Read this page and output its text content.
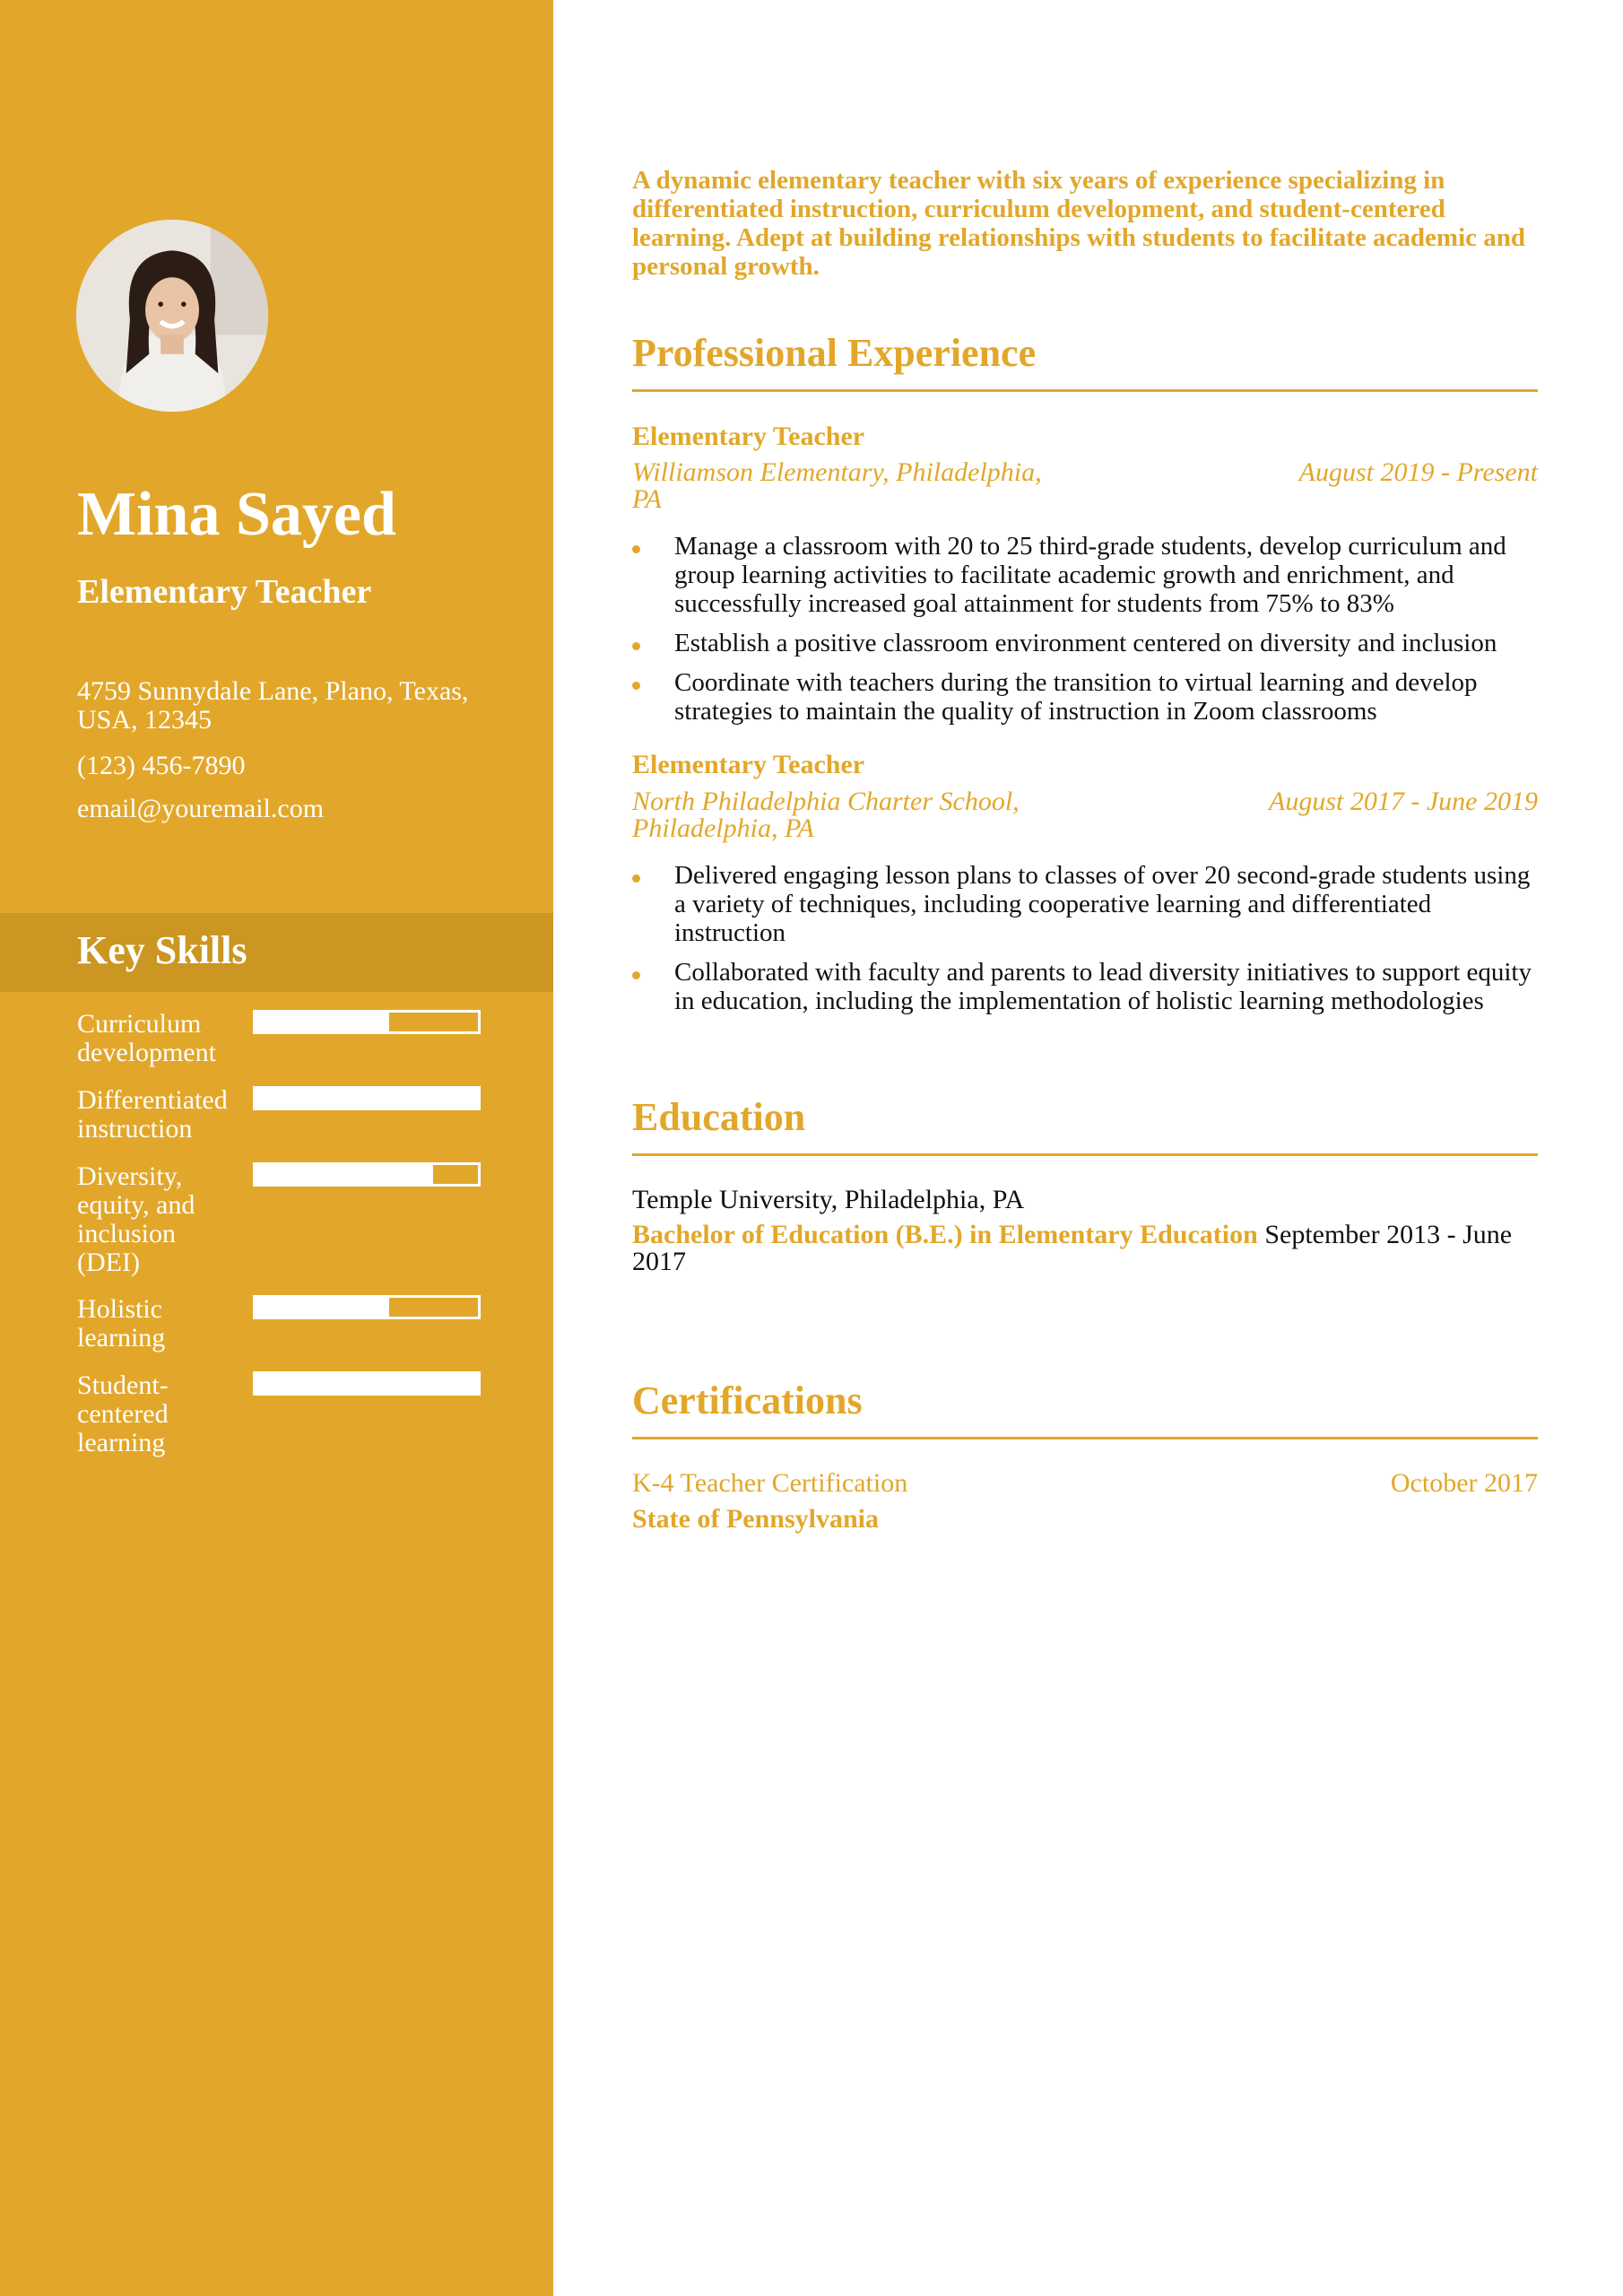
Mina Sayed
Elementary Teacher
4759 Sunnydale Lane, Plano, Texas, USA, 12345
(123) 456-7890
email@youremail.com
Key Skills
Curriculum development
Differentiated instruction
Diversity, equity, and inclusion (DEI)
Holistic learning
Student-centered learning

A dynamic elementary teacher with six years of experience specializing in differentiated instruction, curriculum development, and student-centered learning. Adept at building relationships with students to facilitate academic and personal growth.

Professional Experience
Elementary Teacher
Williamson Elementary, Philadelphia, PA
August 2019 - Present
Manage a classroom with 20 to 25 third-grade students, develop curriculum and group learning activities to facilitate academic growth and enrichment, and successfully increased goal attainment for students from 75% to 83%
Establish a positive classroom environment centered on diversity and inclusion
Coordinate with teachers during the transition to virtual learning and develop strategies to maintain the quality of instruction in Zoom classrooms
Elementary Teacher
North Philadelphia Charter School, Philadelphia, PA
August 2017 - June 2019
Delivered engaging lesson plans to classes of over 20 second-grade students using a variety of techniques, including cooperative learning and differentiated instruction
Collaborated with faculty and parents to lead diversity initiatives to support equity in education, including the implementation of holistic learning methodologies
Education
Temple University, Philadelphia, PA
Bachelor of Education (B.E.) in Elementary Education September 2013 - June 2017
Certifications
K-4 Teacher Certification	October 2017
State of Pennsylvania
